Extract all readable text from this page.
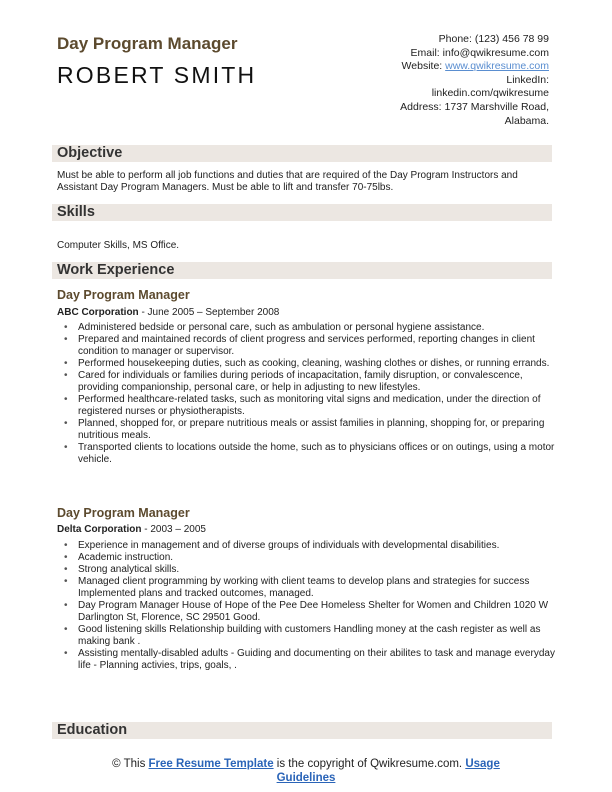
Day Program Manager
ROBERT SMITH
Phone: (123) 456 78 99
Email: info@qwikresume.com
Website: www.qwikresume.com
LinkedIn:
linkedin.com/qwikresume
Address: 1737 Marshville Road,
Alabama.
Objective
Must be able to perform all job functions and duties that are required of the Day Program Instructors and Assistant Day Program Managers. Must be able to lift and transfer 70-75lbs.
Skills
Computer Skills, MS Office.
Work Experience
Day Program Manager
ABC Corporation - June 2005 – September 2008
• Administered bedside or personal care, such as ambulation or personal hygiene assistance.
• Prepared and maintained records of client progress and services performed, reporting changes in client condition to manager or supervisor.
• Performed housekeeping duties, such as cooking, cleaning, washing clothes or dishes, or running errands.
• Cared for individuals or families during periods of incapacitation, family disruption, or convalescence, providing companionship, personal care, or help in adjusting to new lifestyles.
• Performed healthcare-related tasks, such as monitoring vital signs and medication, under the direction of registered nurses or physiotherapists.
• Planned, shopped for, or prepare nutritious meals or assist families in planning, shopping for, or preparing nutritious meals.
• Transported clients to locations outside the home, such as to physicians offices or on outings, using a motor vehicle.
Day Program Manager
Delta Corporation - 2003 – 2005
• Experience in management and of diverse groups of individuals with developmental disabilities.
• Academic instruction.
• Strong analytical skills.
• Managed client programming by working with client teams to develop plans and strategies for success Implemented plans and tracked outcomes, managed.
• Day Program Manager House of Hope of the Pee Dee Homeless Shelter for Women and Children 1020 W Darlington St, Florence, SC 29501 Good.
• Good listening skills Relationship building with customers Handling money at the cash register as well as making bank .
• Assisting mentally-disabled adults - Guiding and documenting on their abilites to task and manage everyday life - Planning activies, trips, goals, .
Education
© This Free Resume Template is the copyright of Qwikresume.com. Usage
Guidelines
